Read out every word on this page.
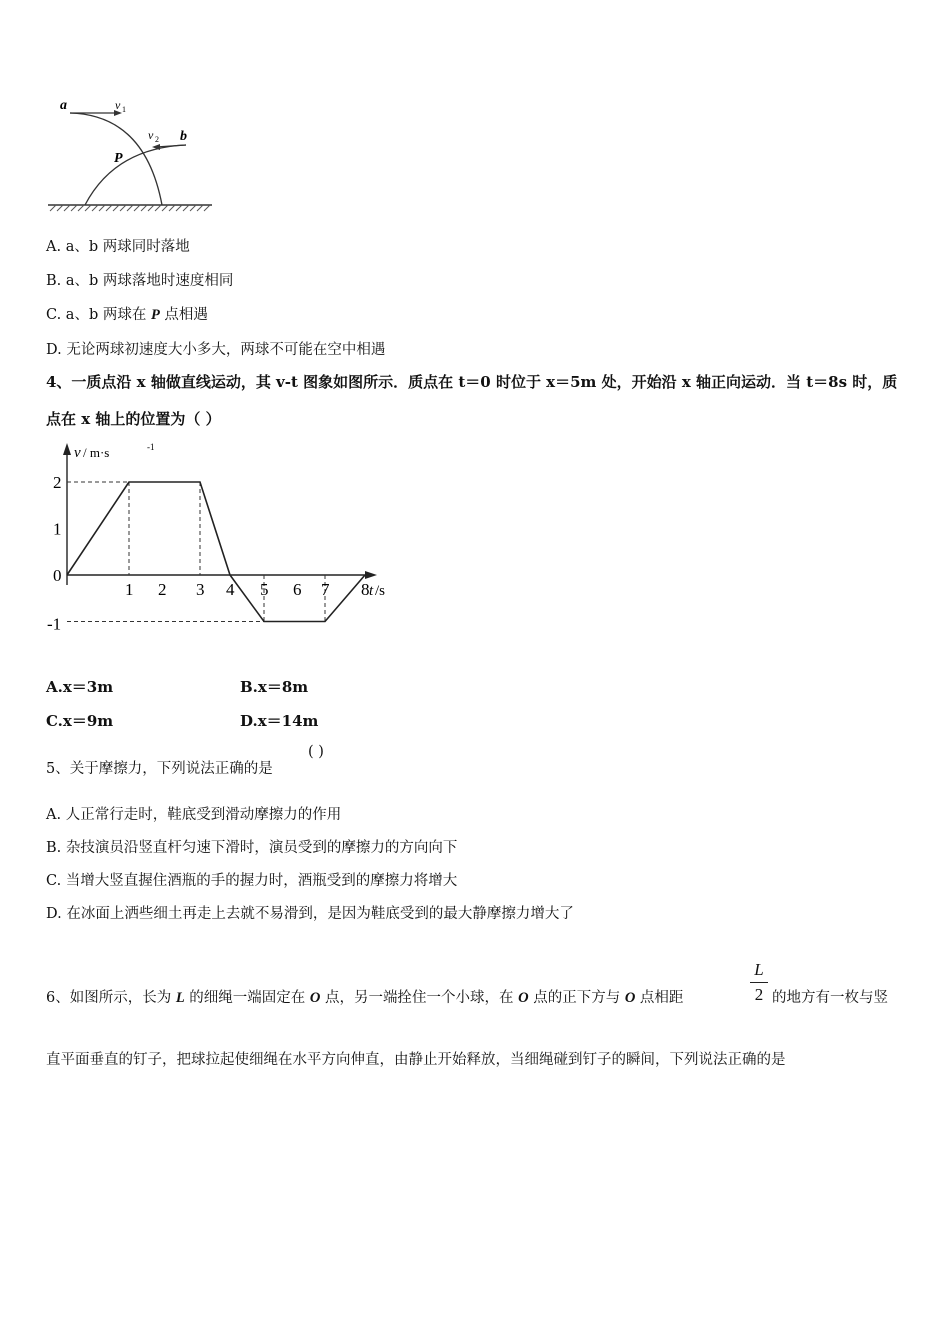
a	v 1
v 2 b
P
A. a、b 两球同时落地
B. a、b 两球落地时速度相同
C. a、b 两球在 P 点相遇
D. 无论两球初速度大小多大，两球不可能在空中相遇
4、一质点沿 x 轴做直线运动，其 v-t 图象如图所示．质点在 t＝0 时位于 x＝5m 处，开始沿 x 轴正向运动．当 t＝8s 时，质
点在 x 轴上的位置为（ ）
1 2 3 4 5 6 7 8
2
1
0
-1
v / m·s	-1
t /s
A.x＝3m	B.x＝8m
C.x＝9m	D.x＝14m
5、关于摩擦力，下列说法正确的是
( )
A. 人正常行走时，鞋底受到滑动摩擦力的作用
B. 杂技演员沿竖直杆匀速下滑时，演员受到的摩擦力的方向向下
C. 当增大竖直握住酒瓶的手的握力时，酒瓶受到的摩擦力将增大
D. 在冰面上洒些细土再走上去就不易滑到，是因为鞋底受到的最大静摩擦力增大了
6、如图所示，长为 L 的细绳一端固定在 O 点，另一端拴住一个小球，在 O 点的正下方与 O 点相距
L
2 的地方有一枚与竖
直平面垂直的钉子，把球拉起使细绳在水平方向伸直，由静止开始释放，当细绳碰到钉子的瞬间，下列说法正确的是
